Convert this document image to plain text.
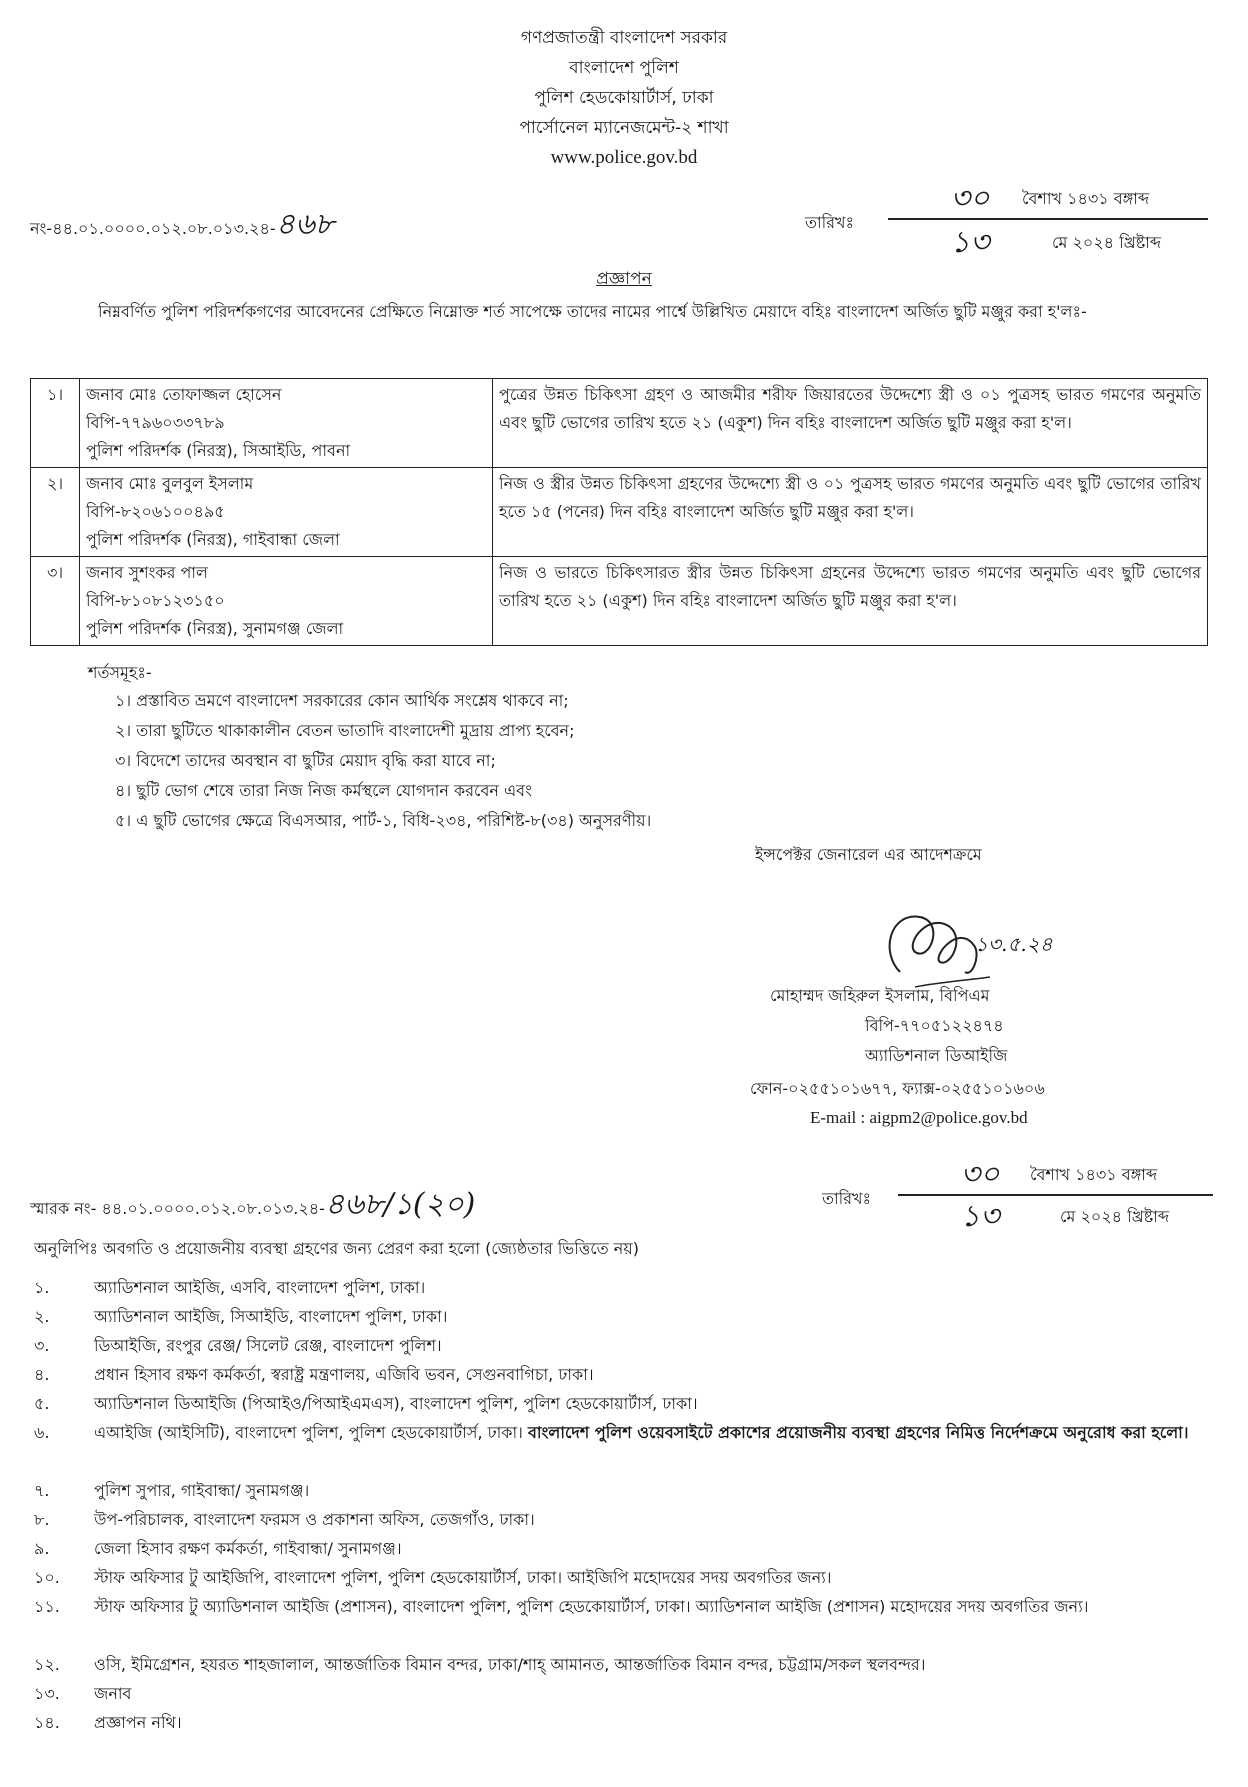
গণপ্রজাতন্ত্রী বাংলাদেশ সরকার
বাংলাদেশ পুলিশ
পুলিশ হেডকোয়ার্টার্স, ঢাকা
পার্সোনেল ম্যানেজমেন্ট-২ শাখা
www.police.gov.bd
নং-৪৪.০১.০০০০.০১২.০৮.০১৩.২৪-৪৬৮	তারিখঃ
৩০	বৈশাখ ১৪৩১ বঙ্গাব্দ
১৩	মে ২০২৪ খ্রিষ্টাব্দ
প্রজ্ঞাপন
নিম্নবর্ণিত পুলিশ পরিদর্শকগণের আবেদনের প্রেক্ষিতে নিম্নোক্ত শর্ত সাপেক্ষে তাদের নামের পার্শ্বে উল্লিখিত মেয়াদে বহিঃ বাংলাদেশ অর্জিত ছুটি মঞ্জুর করা হ'লঃ-
১।	জনাব মোঃ তোফাজ্জল হোসেন
বিপি-৭৭৯৬০৩৩৭৮৯
পুলিশ পরিদর্শক (নিরস্ত্র), সিআইডি, পাবনা	পুত্রের উন্নত চিকিৎসা গ্রহণ ও আজমীর শরীফ জিয়ারতের উদ্দেশ্যে স্ত্রী ও ০১ পুত্রসহ ভারত গমণের অনুমতি এবং ছুটি ভোগের তারিখ হতে ২১ (একুশ) দিন বহিঃ বাংলাদেশ অর্জিত ছুটি মঞ্জুর করা হ'ল।
২।	জনাব মোঃ বুলবুল ইসলাম
বিপি-৮২০৬১০০৪৯৫
পুলিশ পরিদর্শক (নিরস্ত্র), গাইবান্ধা জেলা	নিজ ও স্ত্রীর উন্নত চিকিৎসা গ্রহণের উদ্দেশ্যে স্ত্রী ও ০১ পুত্রসহ ভারত গমণের অনুমতি এবং ছুটি ভোগের তারিখ হতে ১৫ (পনের) দিন বহিঃ বাংলাদেশ অর্জিত ছুটি মঞ্জুর করা হ'ল।
৩।	জনাব সুশংকর পাল
বিপি-৮১০৮১২৩১৫০
পুলিশ পরিদর্শক (নিরস্ত্র), সুনামগঞ্জ জেলা	নিজ ও ভারতে চিকিৎসারত স্ত্রীর উন্নত চিকিৎসা গ্রহনের উদ্দেশ্যে ভারত গমণের অনুমতি এবং ছুটি ভোগের তারিখ হতে ২১ (একুশ) দিন বহিঃ বাংলাদেশ অর্জিত ছুটি মঞ্জুর করা হ'ল।
শর্তসমূহঃ-
১। প্রস্তাবিত ভ্রমণে বাংলাদেশ সরকারের কোন আর্থিক সংশ্লেষ থাকবে না;
২। তারা ছুটিতে থাকাকালীন বেতন ভাতাদি বাংলাদেশী মুদ্রায় প্রাপ্য হবেন;
৩। বিদেশে তাদের অবস্থান বা ছুটির মেয়াদ বৃদ্ধি করা যাবে না;
৪। ছুটি ভোগ শেষে তারা নিজ নিজ কর্মস্থলে যোগদান করবেন এবং
৫। এ ছুটি ভোগের ক্ষেত্রে বিএসআর, পার্ট-১, বিধি-২৩৪, পরিশিষ্ট-৮(৩৪) অনুসরণীয়।
ইন্সপেক্টর জেনারেল এর আদেশক্রমে
১৩.৫.২৪
মোহাম্মদ জহিরুল ইসলাম, বিপিএম
বিপি-৭৭০৫১২২৪৭৪
অ্যাডিশনাল ডিআইজি
ফোন-০২৫৫১০১৬৭৭, ফ্যাক্স-০২৫৫১০১৬০৬
E-mail : aigpm2@police.gov.bd
স্মারক নং- ৪৪.০১.০০০০.০১২.০৮.০১৩.২৪-৪৬৮/১(২০)	তারিখঃ
৩০	বৈশাখ ১৪৩১ বঙ্গাব্দ
১৩	মে ২০২৪ খ্রিষ্টাব্দ
অনুলিপিঃ অবগতি ও প্রয়োজনীয় ব্যবস্থা গ্রহণের জন্য প্রেরণ করা হলো (জ্যেষ্ঠতার ভিত্তিতে নয়)
১.	অ্যাডিশনাল আইজি, এসবি, বাংলাদেশ পুলিশ, ঢাকা।
২.	অ্যাডিশনাল আইজি, সিআইডি, বাংলাদেশ পুলিশ, ঢাকা।
৩.	ডিআইজি, রংপুর রেঞ্জ/ সিলেট রেঞ্জ, বাংলাদেশ পুলিশ।
৪.	প্রধান হিসাব রক্ষণ কর্মকর্তা, স্বরাষ্ট্র মন্ত্রণালয়, এজিবি ভবন, সেগুনবাগিচা, ঢাকা।
৫.	অ্যাডিশনাল ডিআইজি (পিআইও/পিআইএমএস), বাংলাদেশ পুলিশ, পুলিশ হেডকোয়ার্টার্স, ঢাকা।
৬.	এআইজি (আইসিটি), বাংলাদেশ পুলিশ, পুলিশ হেডকোয়ার্টার্স, ঢাকা। বাংলাদেশ পুলিশ ওয়েবসাইটে প্রকাশের প্রয়োজনীয় ব্যবস্থা গ্রহণের নিমিত্ত নির্দেশক্রমে অনুরোধ করা হলো।
৭.	পুলিশ সুপার, গাইবান্ধা/ সুনামগঞ্জ।
৮.	উপ-পরিচালক, বাংলাদেশ ফরমস ও প্রকাশনা অফিস, তেজগাঁও, ঢাকা।
৯.	জেলা হিসাব রক্ষণ কর্মকর্তা, গাইবান্ধা/ সুনামগঞ্জ।
১০.	স্টাফ অফিসার টু আইজিপি, বাংলাদেশ পুলিশ, পুলিশ হেডকোয়ার্টার্স, ঢাকা। আইজিপি মহোদয়ের সদয় অবগতির জন্য।
১১.	স্টাফ অফিসার টু অ্যাডিশনাল আইজি (প্রশাসন), বাংলাদেশ পুলিশ, পুলিশ হেডকোয়ার্টার্স, ঢাকা। অ্যাডিশনাল আইজি (প্রশাসন) মহোদয়ের সদয় অবগতির জন্য।
১২.	ওসি, ইমিগ্রেশন, হযরত শাহজালাল, আন্তর্জাতিক বিমান বন্দর, ঢাকা/শাহ্ আমানত, আন্তর্জাতিক বিমান বন্দর, চট্টগ্রাম/সকল স্থলবন্দর।
১৩.	জনাব
১৪.	প্রজ্ঞাপন নথি।
